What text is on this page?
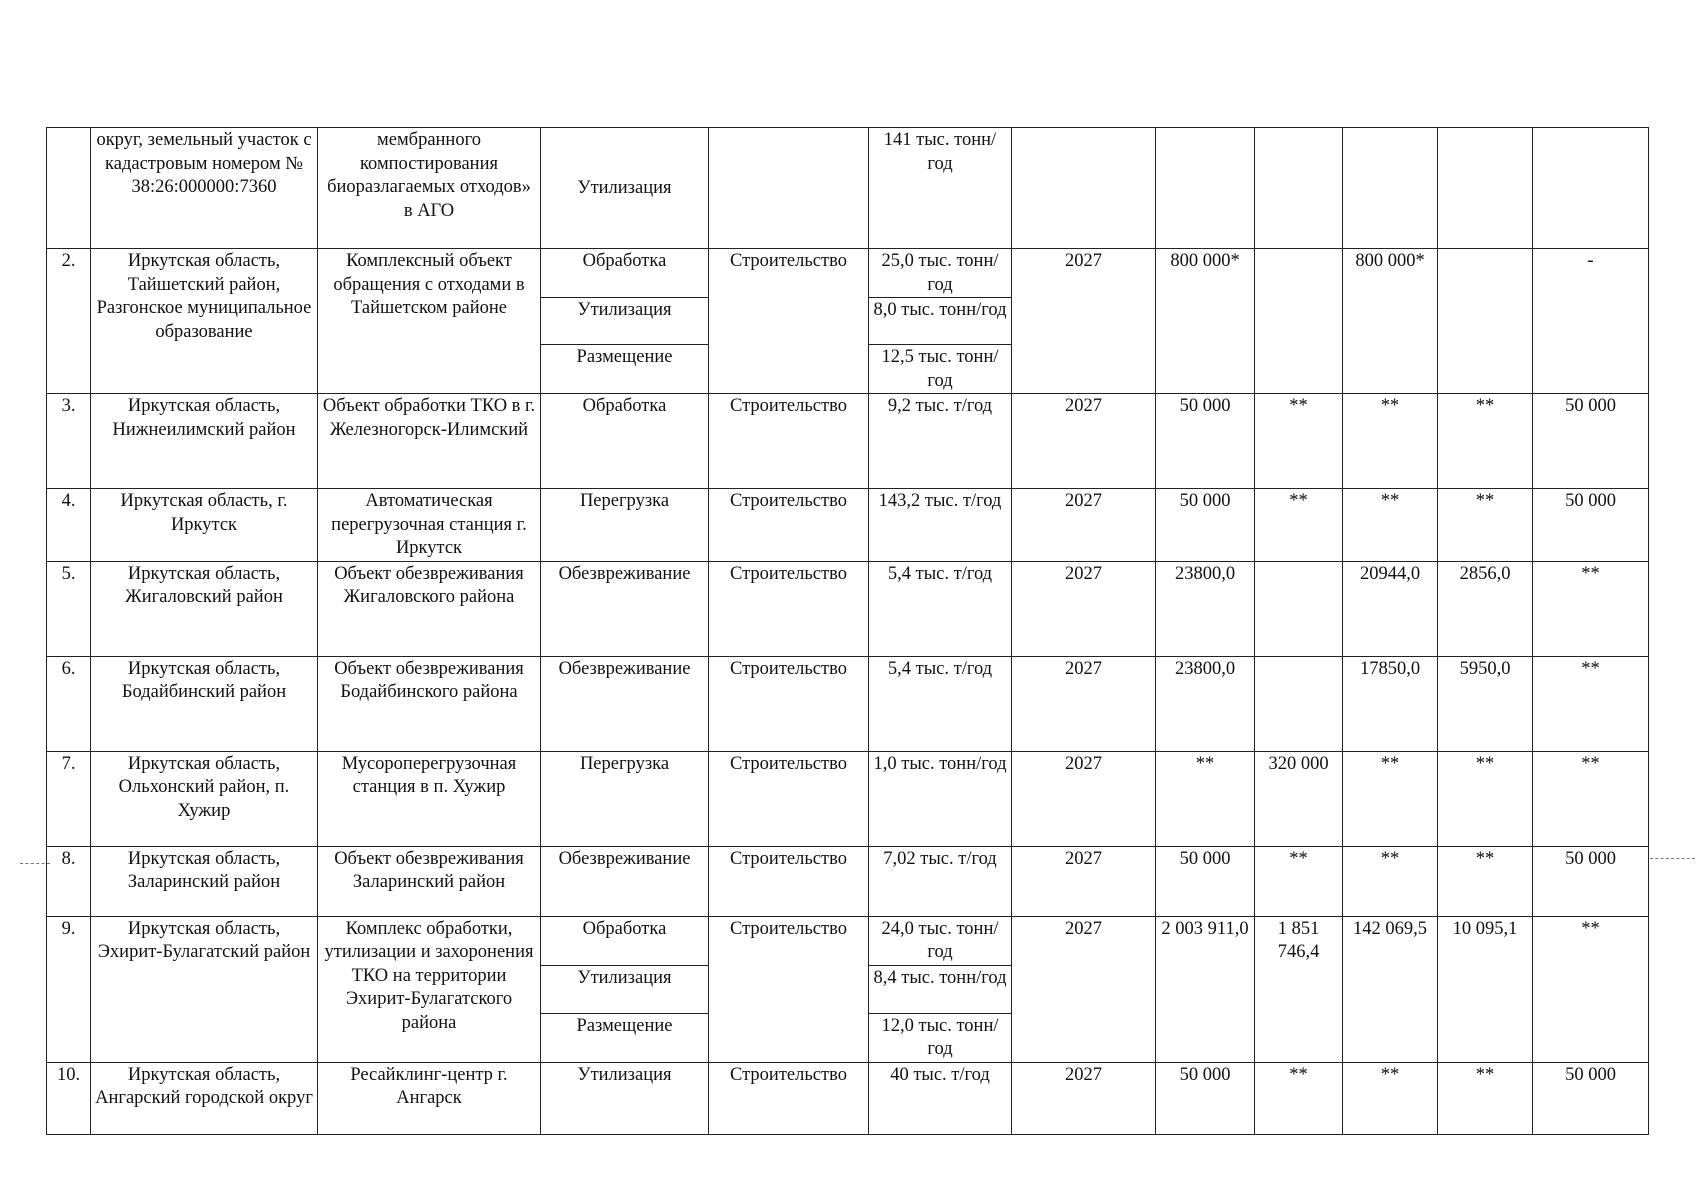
	округ, земельный участок с кадастровым номером № 38:26:000000:7360	мембранного компостирования биоразлагаемых отходов» в АГО	Утилизация		141 тыс. тонн/год						
2.	Иркутская область, Тайшетский район, Разгонское муниципальное образование	Комплексный объект обращения с отходами в Тайшетском районе	Обработка	Строительство	25,0 тыс. тонн/год	2027	800 000*		800 000*		-
			Утилизация		8,0 тыс. тонн/год						
			Размещение		12,5 тыс. тонн/год						
3.	Иркутская область, Нижнеилимский район	Объект обработки ТКО в г. Железногорск-Илимский	Обработка	Строительство	9,2 тыс. т/год	2027	50 000	**	**	**	50 000
4.	Иркутская область, г. Иркутск	Автоматическая перегрузочная станция г. Иркутск	Перегрузка	Строительство	143,2 тыс. т/год	2027	50 000	**	**	**	50 000
5.	Иркутская область, Жигаловский район	Объект обезвреживания Жигаловского района	Обезвреживание	Строительство	5,4 тыс. т/год	2027	23800,0		20944,0	2856,0	**
6.	Иркутская область, Бодайбинский район	Объект обезвреживания Бодайбинского района	Обезвреживание	Строительство	5,4 тыс. т/год	2027	23800,0		17850,0	5950,0	**
7.	Иркутская область, Ольхонский район, п. Хужир	Мусороперегрузочная станция в п. Хужир	Перегрузка	Строительство	1,0 тыс. тонн/год	2027	**	320 000	**	**	**
8.	Иркутская область, Заларинский район	Объект обезвреживания Заларинский район	Обезвреживание	Строительство	7,02 тыс. т/год	2027	50 000	**	**	**	50 000
9.	Иркутская область, Эхирит-Булагатский район	Комплекс обработки, утилизации и захоронения ТКО на территории Эхирит-Булагатского района	Обработка	Строительство	24,0 тыс. тонн/год	2027	2 003 911,0	1 851 746,4	142 069,5	10 095,1	**
			Утилизация		8,4 тыс. тонн/год						
			Размещение		12,0 тыс. тонн/год						
10.	Иркутская область, Ангарский городской округ	Ресайклинг-центр г. Ангарск	Утилизация	Строительство	40 тыс. т/год	2027	50 000	**	**	**	50 000
